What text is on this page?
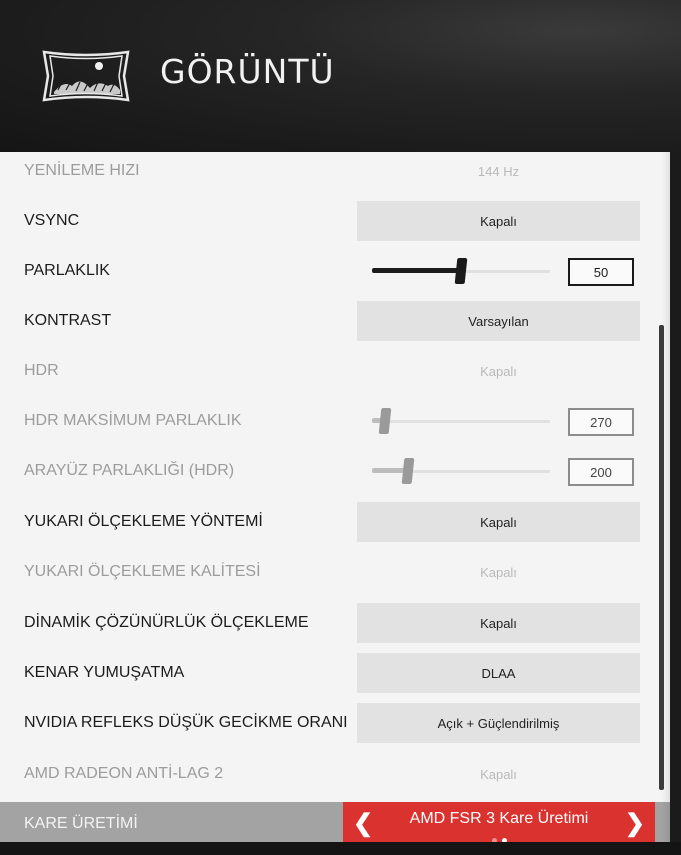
GÖRÜNTÜ
YENİLEME HIZI	144 Hz
VSYNC	Kapalı
PARLAKLIK	50
KONTRAST	Varsayılan
HDR	Kapalı
HDR MAKSİMUM PARLAKLIK	270
ARAYÜZ PARLAKLIĞI (HDR)	200
YUKARI ÖLÇEKLEME YÖNTEMİ	Kapalı
YUKARI ÖLÇEKLEME KALİTESİ	Kapalı
DİNAMİK ÇÖZÜNÜRLÜK ÖLÇEKLEME	Kapalı
KENAR YUMUŞATMA	DLAA
NVIDIA REFLEKS DÜŞÜK GECİKME ORANI	Açık + Güçlendirilmiş
AMD RADEON ANTİ-LAG 2	Kapalı
KARE ÜRETİMİ	❮	AMD FSR 3 Kare Üretimi	❯
